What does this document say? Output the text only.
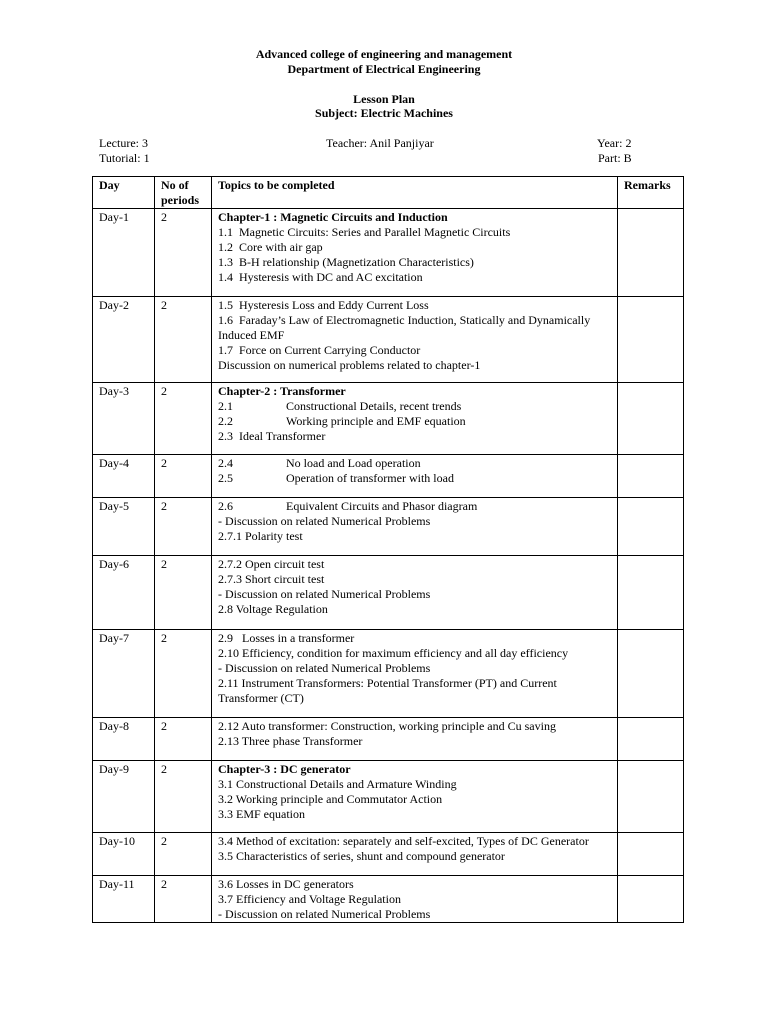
Advanced college of engineering and management
Department of Electrical Engineering
Lesson Plan
Subject: Electric Machines
Lecture: 3
Tutorial: 1
Teacher: Anil Panjiyar	Year: 2
Part: B
Day	No of periods	Topics to be completed	Remarks
Day-1	2	Chapter-1 : Magnetic Circuits and Induction
1.1  Magnetic Circuits: Series and Parallel Magnetic Circuits
1.2  Core with air gap
1.3  B-H relationship (Magnetization Characteristics)
1.4  Hysteresis with DC and AC excitation	

Day-2	2	1.5  Hysteresis Loss and Eddy Current Loss
1.6  Faraday’s Law of Electromagnetic Induction, Statically and Dynamically Induced EMF
1.7  Force on Current Carrying Conductor
Discussion on numerical problems related to chapter-1	

Day-3	2	Chapter-2 : Transformer
2.1 Constructional Details, recent trends
2.2 Working principle and EMF equation
2.3  Ideal Transformer	

Day-4	2	2.4 No load and Load operation
2.5 Operation of transformer with load	

Day-5	2	2.6 Equivalent Circuits and Phasor diagram
- Discussion on related Numerical Problems
2.7.1 Polarity test	

Day-6	2	2.7.2 Open circuit test
2.7.3 Short circuit test
- Discussion on related Numerical Problems
2.8 Voltage Regulation	

Day-7	2	2.9   Losses in a transformer
2.10 Efficiency, condition for maximum efficiency and all day efficiency
- Discussion on related Numerical Problems
2.11 Instrument Transformers: Potential Transformer (PT) and Current Transformer (CT)	

Day-8	2	2.12 Auto transformer: Construction, working principle and Cu saving
2.13 Three phase Transformer	

Day-9	2	Chapter-3 : DC generator
3.1 Constructional Details and Armature Winding
3.2 Working principle and Commutator Action
3.3 EMF equation	

Day-10	2	3.4 Method of excitation: separately and self-excited, Types of DC Generator
3.5 Characteristics of series, shunt and compound generator	

Day-11	2	3.6 Losses in DC generators
3.7 Efficiency and Voltage Regulation
- Discussion on related Numerical Problems	
